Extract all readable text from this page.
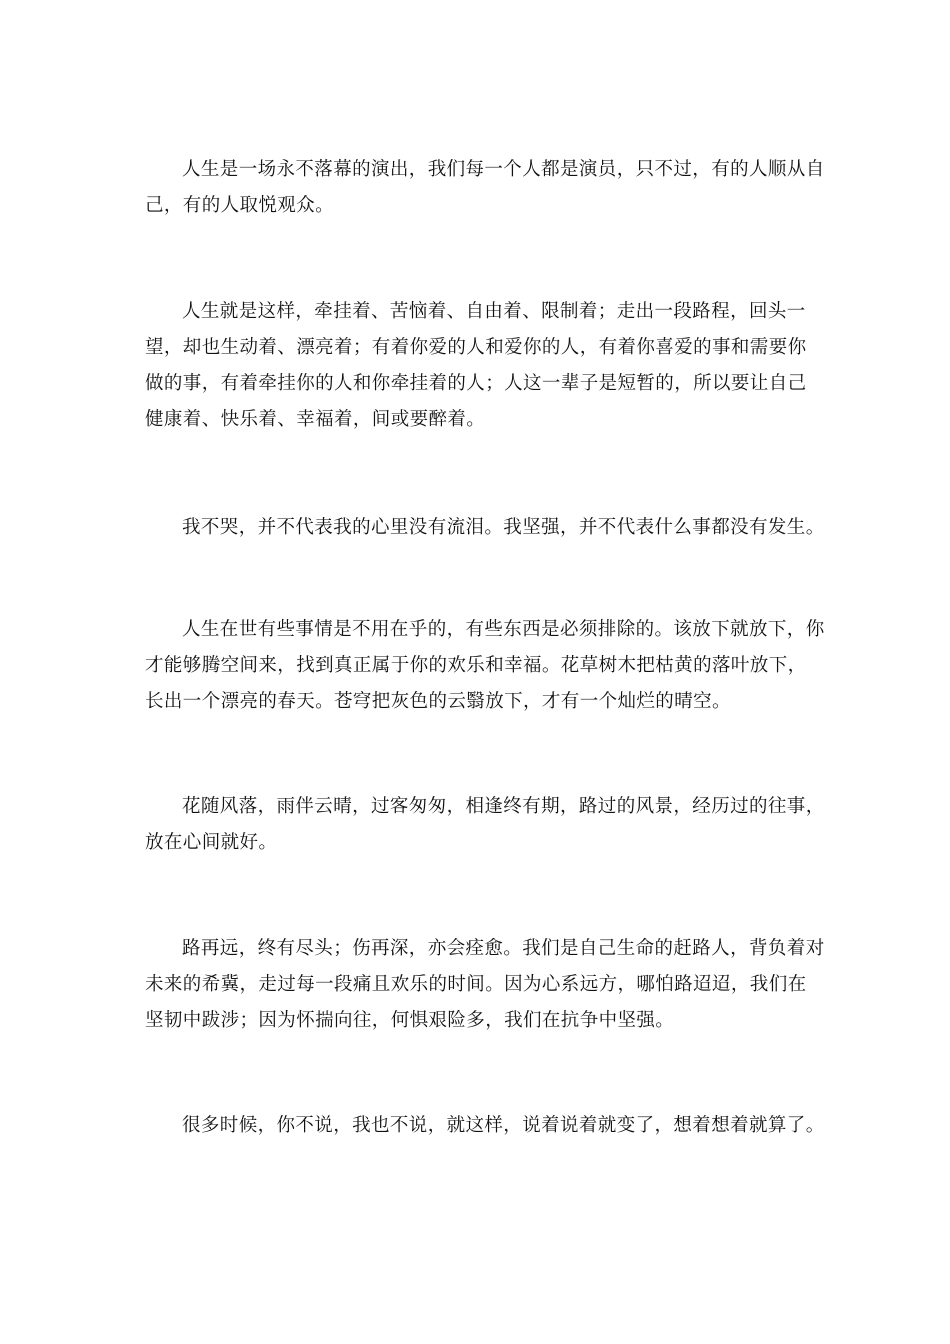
人生是一场永不落幕的演出，我们每一个人都是演员，只不过，有的人顺从自己，有的人取悦观众。

人生就是这样，牵挂着、苦恼着、自由着、限制着；走出一段路程，回头一望，却也生动着、漂亮着；有着你爱的人和爱你的人，有着你喜爱的事和需要你做的事，有着牵挂你的人和你牵挂着的人；人这一辈子是短暂的，所以要让自己健康着、快乐着、幸福着，间或要醉着。

我不哭，并不代表我的心里没有流泪。我坚强，并不代表什么事都没有发生。

人生在世有些事情是不用在乎的，有些东西是必须排除的。该放下就放下，你才能够腾空间来，找到真正属于你的欢乐和幸福。花草树木把枯黄的落叶放下，长出一个漂亮的春天。苍穹把灰色的云翳放下，才有一个灿烂的晴空。

花随风落，雨伴云晴，过客匆匆，相逢终有期，路过的风景，经历过的往事，放在心间就好。

路再远，终有尽头；伤再深，亦会痊愈。我们是自己生命的赶路人，背负着对未来的希冀，走过每一段痛且欢乐的时间。因为心系远方，哪怕路迢迢，我们在坚韧中跋涉；因为怀揣向往，何惧艰险多，我们在抗争中坚强。

很多时候，你不说，我也不说，就这样，说着说着就变了，想着想着就算了。
